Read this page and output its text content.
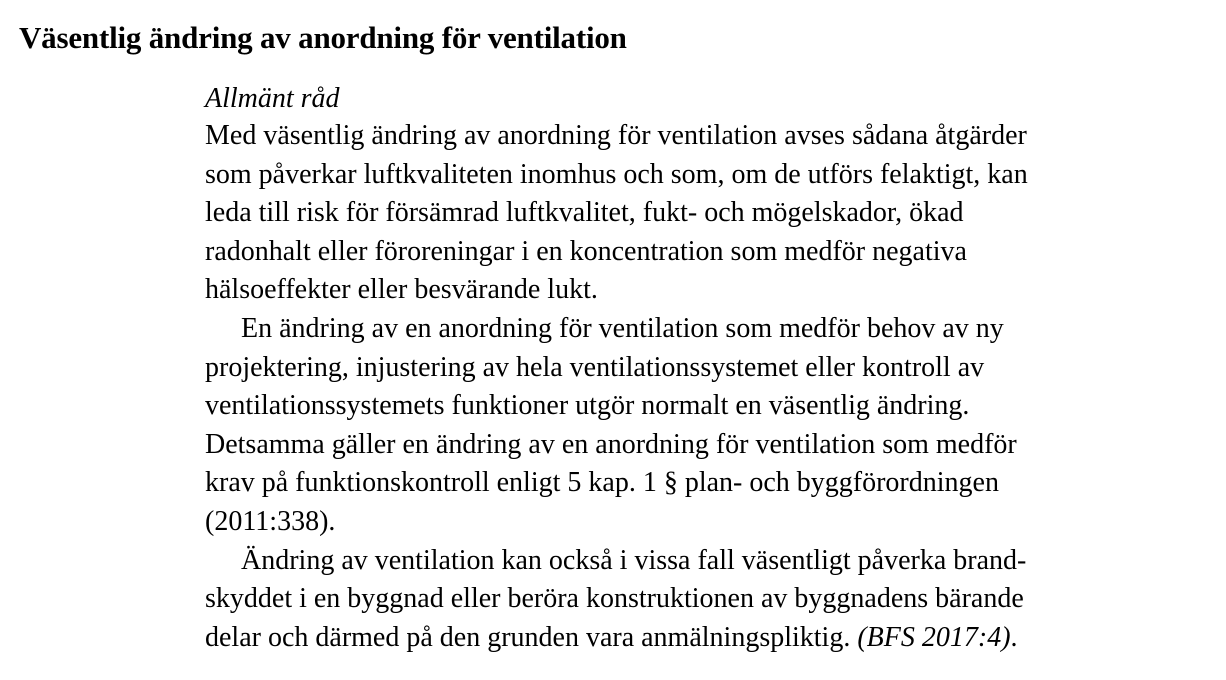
Väsentlig ändring av anordning för ventilation
Allmänt råd
Med väsentlig ändring av anordning för ventilation avses sådana åtgärder
som påverkar luftkvaliteten inomhus och som, om de utförs felaktigt, kan
leda till risk för försämrad luftkvalitet, fukt- och mögelskador, ökad
radonhalt eller föroreningar i en koncentration som medför negativa
hälsoeffekter eller besvärande lukt.
En ändring av en anordning för ventilation som medför behov av ny
projektering, injustering av hela ventilationssystemet eller kontroll av
ventilationssystemets funktioner utgör normalt en väsentlig ändring.
Detsamma gäller en ändring av en anordning för ventilation som medför
krav på funktionskontroll enligt 5 kap. 1 § plan- och byggförordningen
(2011:338).
Ändring av ventilation kan också i vissa fall väsentligt påverka brand-
skyddet i en byggnad eller beröra konstruktionen av byggnadens bärande
delar och därmed på den grunden vara anmälningspliktig. (BFS 2017:4).
